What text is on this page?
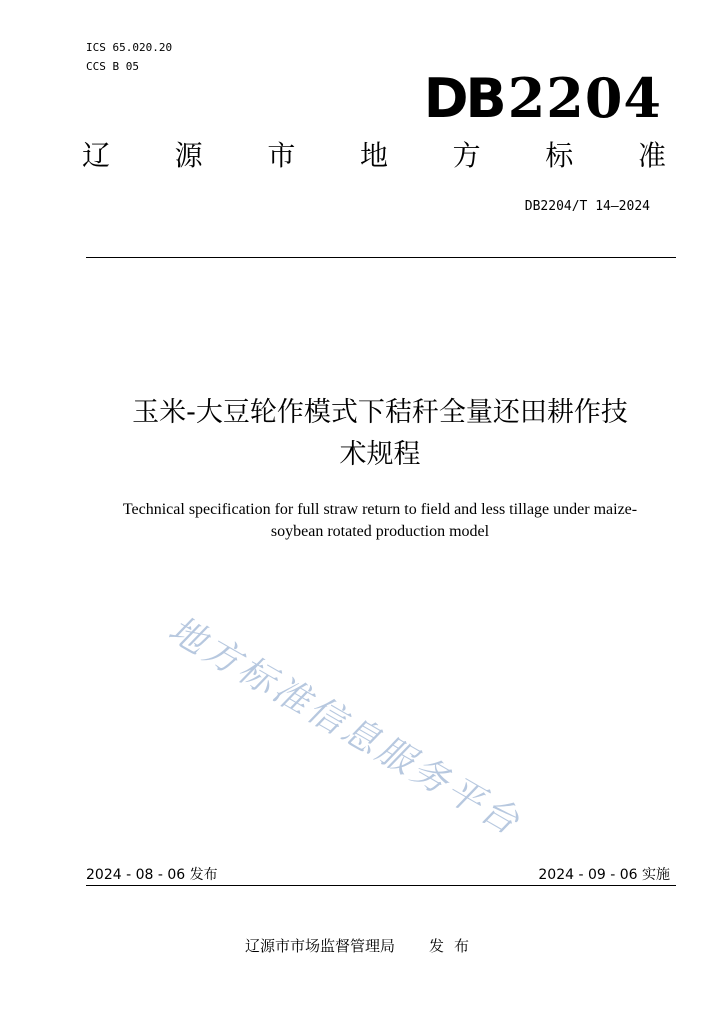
ICS 65.020.20
CCS B 05
DB2204
辽 源 市 地 方 标 准
DB2204/T 14—2024
玉米-大豆轮作模式下秸秆全量还田耕作技
术规程
Technical specification for full straw return to field and less tillage under maize-
soybean rotated production model
地方标准信息服务平台
2024 - 08 - 06 发布	2024 - 09 - 06 实施
辽源市市场监督管理局 发布
